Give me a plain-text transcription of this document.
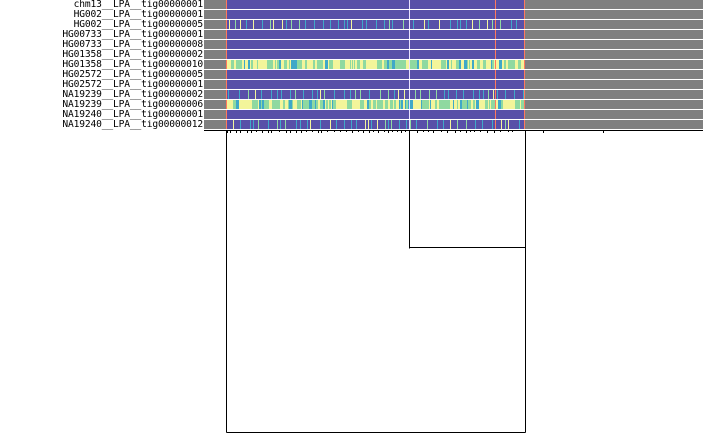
chm13__LPA__tig00000001
HG002__LPA__tig00000001
HG002__LPA__tig00000005
HG00733__LPA__tig00000001
HG00733__LPA__tig00000008
HG01358__LPA__tig00000002
HG01358__LPA__tig00000010
HG02572__LPA__tig00000005
HG02572__LPA__tig00000001
NA19239__LPA__tig00000002
NA19239__LPA__tig00000006
NA19240__LPA__tig00000001
NA19240__LPA__tig00000012
